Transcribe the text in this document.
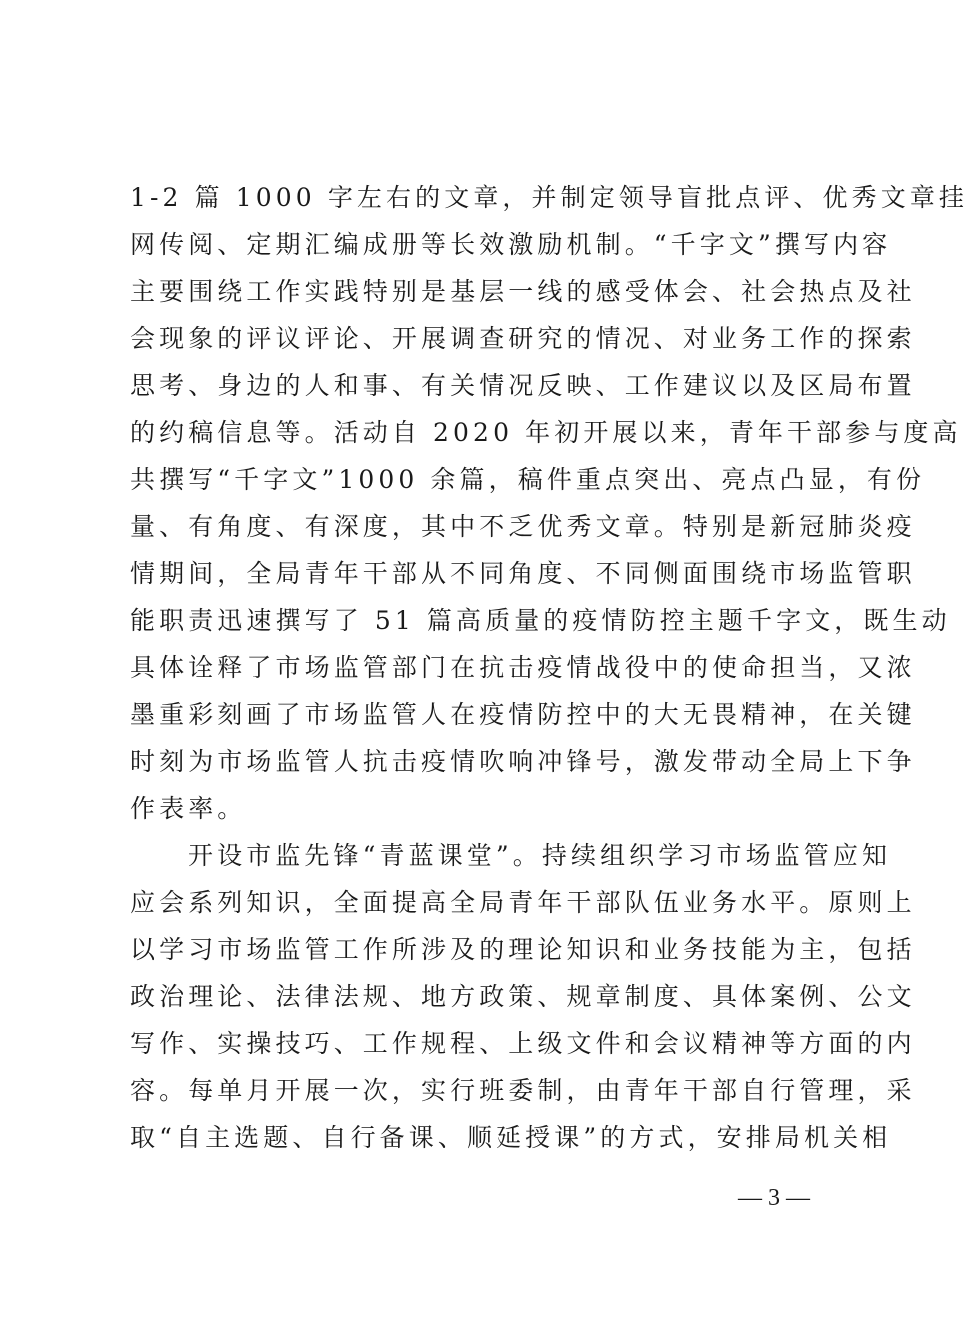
1-2 篇 1000 字左右的文章，并制定领导盲批点评、优秀文章挂
网传阅、定期汇编成册等长效激励机制。“千字文”撰写内容
主要围绕工作实践特别是基层一线的感受体会、社会热点及社
会现象的评议评论、开展调查研究的情况、对业务工作的探索
思考、身边的人和事、有关情况反映、工作建议以及区局布置
的约稿信息等。活动自 2020 年初开展以来，青年干部参与度高
共撰写“千字文”1000 余篇，稿件重点突出、亮点凸显，有份
量、有角度、有深度，其中不乏优秀文章。特别是新冠肺炎疫
情期间，全局青年干部从不同角度、不同侧面围绕市场监管职
能职责迅速撰写了 51 篇高质量的疫情防控主题千字文，既生动
具体诠释了市场监管部门在抗击疫情战役中的使命担当，又浓
墨重彩刻画了市场监管人在疫情防控中的大无畏精神，在关键
时刻为市场监管人抗击疫情吹响冲锋号，激发带动全局上下争
作表率。
开设市监先锋“青蓝课堂”。持续组织学习市场监管应知
应会系列知识，全面提高全局青年干部队伍业务水平。原则上
以学习市场监管工作所涉及的理论知识和业务技能为主，包括
政治理论、法律法规、地方政策、规章制度、具体案例、公文
写作、实操技巧、工作规程、上级文件和会议精神等方面的内
容。每单月开展一次，实行班委制，由青年干部自行管理，采
取“自主选题、自行备课、顺延授课”的方式，安排局机关相
— 3 —
